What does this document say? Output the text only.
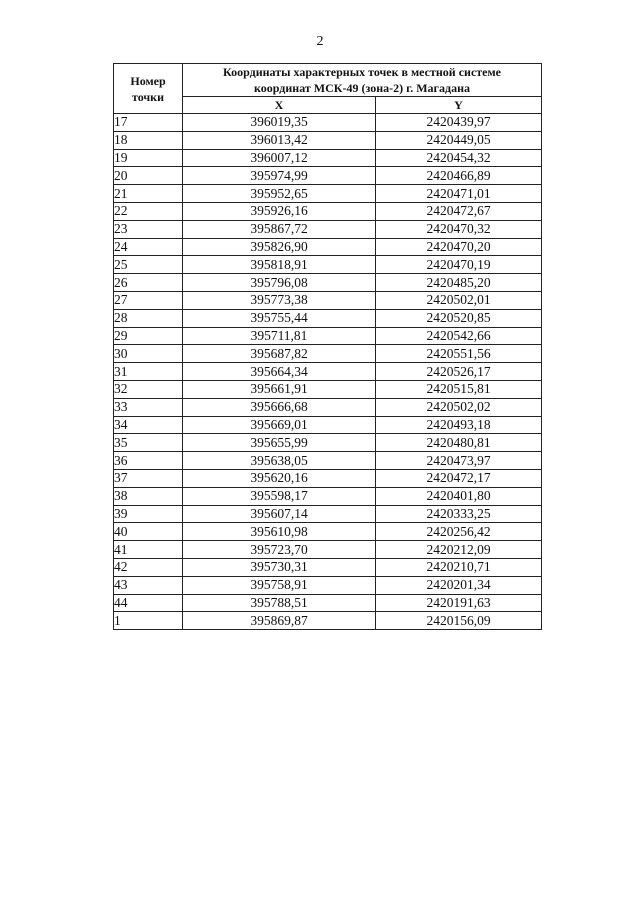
2
Номер
точки	Координаты характерных точек в местной системе
координат МСК-49 (зона-2) г. Магадана	
	X	Y
17	396019,35	2420439,97
18	396013,42	2420449,05
19	396007,12	2420454,32
20	395974,99	2420466,89
21	395952,65	2420471,01
22	395926,16	2420472,67
23	395867,72	2420470,32
24	395826,90	2420470,20
25	395818,91	2420470,19
26	395796,08	2420485,20
27	395773,38	2420502,01
28	395755,44	2420520,85
29	395711,81	2420542,66
30	395687,82	2420551,56
31	395664,34	2420526,17
32	395661,91	2420515,81
33	395666,68	2420502,02
34	395669,01	2420493,18
35	395655,99	2420480,81
36	395638,05	2420473,97
37	395620,16	2420472,17
38	395598,17	2420401,80
39	395607,14	2420333,25
40	395610,98	2420256,42
41	395723,70	2420212,09
42	395730,31	2420210,71
43	395758,91	2420201,34
44	395788,51	2420191,63
1	395869,87	2420156,09
